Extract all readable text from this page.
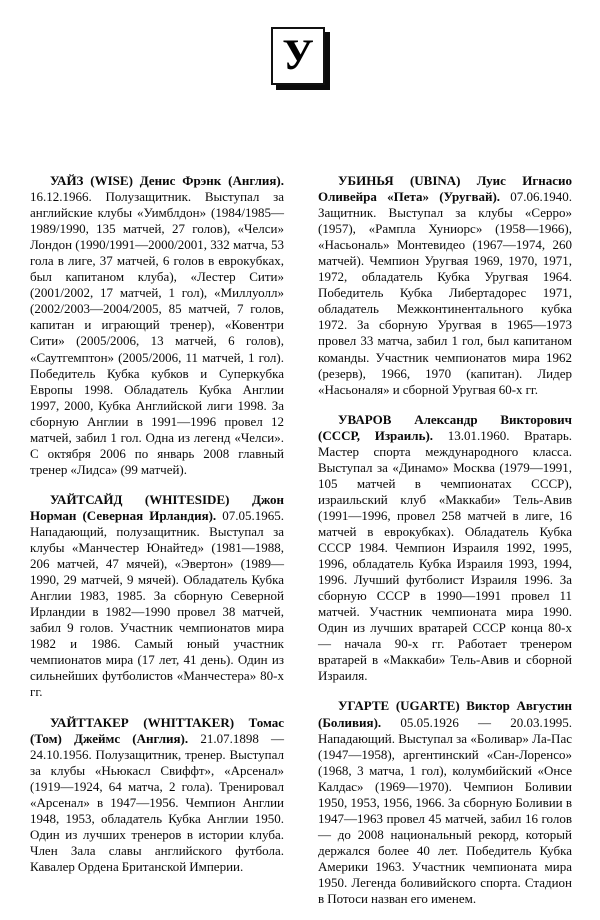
У

УАЙЗ (WISE) Денис Фрэнк (Англия). 16.12.1966. Полузащитник. Выступал за английские клубы «Уимблдон» (1984/1985—1989/1990, 135 матчей, 27 голов), «Челси» Лондон (1990/1991—2000/2001, 332 матча, 53 гола в лиге, 37 матчей, 6 голов в еврокубках, был капитаном клуба), «Лестер Сити» (2001/2002, 17 матчей, 1 гол), «Миллуолл» (2002/2003—2004/2005, 85 матчей, 7 голов, капитан и играющий тренер), «Ковентри Сити» (2005/2006, 13 матчей, 6 голов), «Саутгемптон» (2005/2006, 11 матчей, 1 гол). Победитель Кубка кубков и Суперкубка Европы 1998. Обладатель Кубка Англии 1997, 2000, Кубка Английской лиги 1998. За сборную Англии в 1991—1996 провел 12 матчей, забил 1 гол. Одна из легенд «Челси». С октября 2006 по январь 2008 главный тренер «Лидса» (99 матчей).

УАЙТСАЙД (WHITESIDE) Джон Норман (Северная Ирландия). 07.05.1965. Нападающий, полузащитник. Выступал за клубы «Манчестер Юнайтед» (1981—1988, 206 матчей, 47 мячей), «Эвертон» (1989—1990, 29 матчей, 9 мячей). Обладатель Кубка Англии 1983, 1985. За сборную Северной Ирландии в 1982—1990 провел 38 матчей, забил 9 голов. Участник чемпионатов мира 1982 и 1986. Самый юный участник чемпионатов мира (17 лет, 41 день). Один из сильнейших футболистов «Манчестера» 80-х гг.

УАЙТТАКЕР (WHITTAKER) Томас (Том) Джеймс (Англия). 21.07.1898 — 24.10.1956. Полузащитник, тренер. Выступал за клубы «Ньюкасл Свиффт», «Арсенал» (1919—1924, 64 матча, 2 гола). Тренировал «Арсенал» в 1947—1956. Чемпион Англии 1948, 1953, обладатель Кубка Англии 1950. Один из лучших тренеров в истории клуба. Член Зала славы английского футбола. Кавалер Ордена Британской Империи.

УБИНЬЯ (UBINA) Луис Игнасио Оливейра «Пета» (Уругвай). 07.06.1940. Защитник. Выступал за клубы «Серро» (1957), «Рампла Хуниорс» (1958—1966), «Насьональ» Монтевидео (1967—1974, 260 матчей). Чемпион Уругвая 1969, 1970, 1971, 1972, обладатель Кубка Уругвая 1964. Победитель Кубка Либертадорес 1971, обладатель Межконтинентального кубка 1972. За сборную Уругвая в 1965—1973 провел 33 матча, забил 1 гол, был капитаном команды. Участник чемпионатов мира 1962 (резерв), 1966, 1970 (капитан). Лидер «Насьоналя» и сборной Уругвая 60-х гг.

УВАРОВ Александр Викторович (СССР, Израиль). 13.01.1960. Вратарь. Мастер спорта международного класса. Выступал за «Динамо» Москва (1979—1991, 105 матчей в чемпионатах СССР), израильский клуб «Маккаби» Тель-Авив (1991—1996, провел 258 матчей в лиге, 16 матчей в еврокубках). Обладатель Кубка СССР 1984. Чемпион Израиля 1992, 1995, 1996, обладатель Кубка Израиля 1993, 1994, 1996. Лучший футболист Израиля 1996. За сборную СССР в 1990—1991 провел 11 матчей. Участник чемпионата мира 1990. Один из лучших вратарей СССР конца 80-х — начала 90-х гг. Работает тренером вратарей в «Маккаби» Тель-Авив и сборной Израиля.

УГАРТЕ (UGARTE) Виктор Августин (Боливия). 05.05.1926 — 20.03.1995. Нападающий. Выступал за «Боливар» Ла-Пас (1947—1958), аргентинский «Сан-Лоренсо» (1968, 3 матча, 1 гол), колумбийский «Онсе Калдас» (1969—1970). Чемпион Боливии 1950, 1953, 1956, 1966. За сборную Боливии в 1947—1963 провел 45 матчей, забил 16 голов — до 2008 национальный рекорд, который держался более 40 лет. Победитель Кубка Америки 1963. Участник чемпионата мира 1950. Легенда боливийского спорта. Стадион в Потоси назван его именем.
